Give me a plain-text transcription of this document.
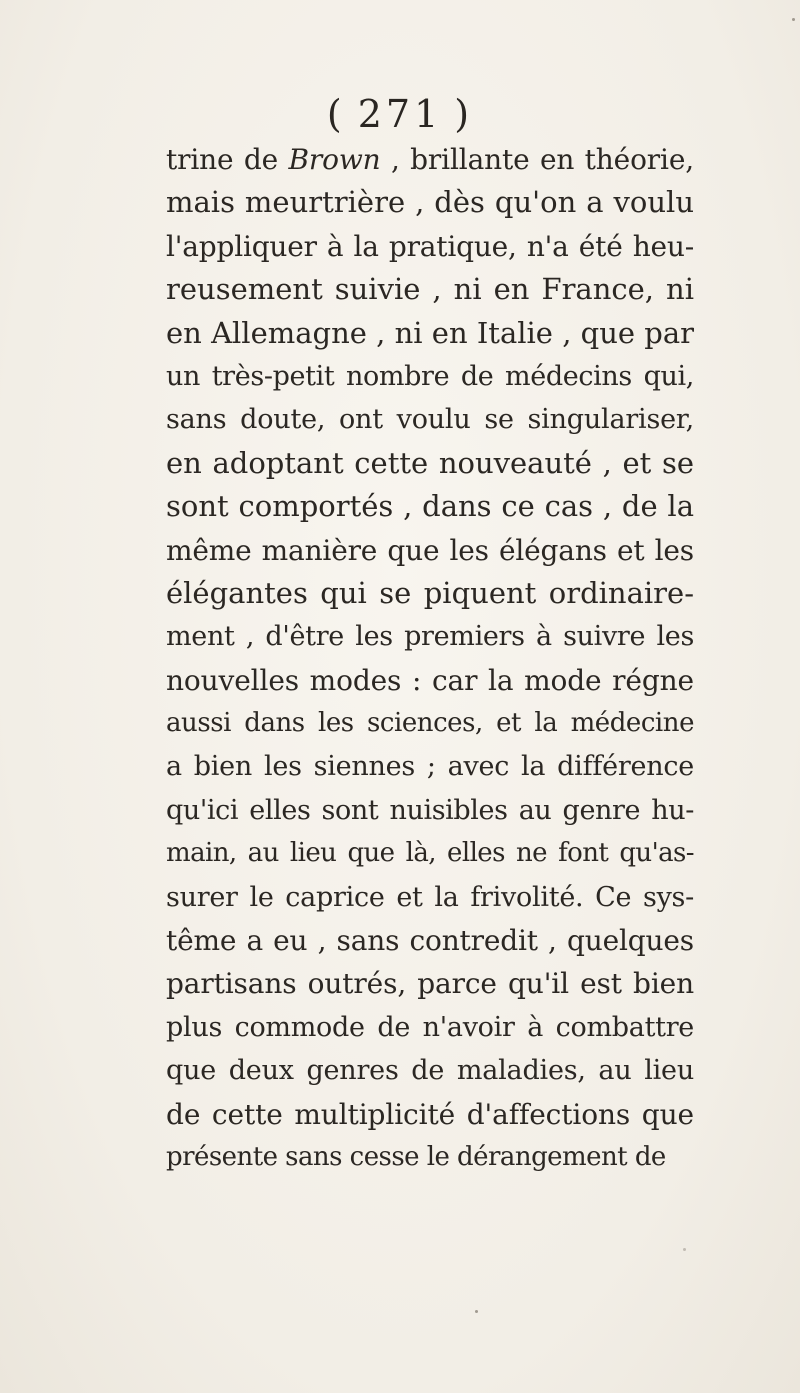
( 271 )
trine de Brown , brillante en théorie,
mais meurtrière , dès qu'on a voulu
l'appliquer à la pratique, n'a été heu-
reusement suivie , ni en France, ni
en Allemagne , ni en Italie , que par
un très-petit nombre de médecins qui,
sans doute, ont voulu se singulariser,
en adoptant cette nouveauté , et se
sont comportés , dans ce cas , de la
même manière que les élégans et les
élégantes qui se piquent ordinaire-
ment , d'être les premiers à suivre les
nouvelles modes : car la mode régne
aussi dans les sciences, et la médecine
a bien les siennes ; avec la différence
qu'ici elles sont nuisibles au genre hu-
main, au lieu que là, elles ne font qu'as-
surer le caprice et la frivolité. Ce sys-
tême a eu , sans contredit , quelques
partisans outrés, parce qu'il est bien
plus commode de n'avoir à combattre
que deux genres de maladies, au lieu
de cette multiplicité d'affections que
présente sans cesse le dérangement de
